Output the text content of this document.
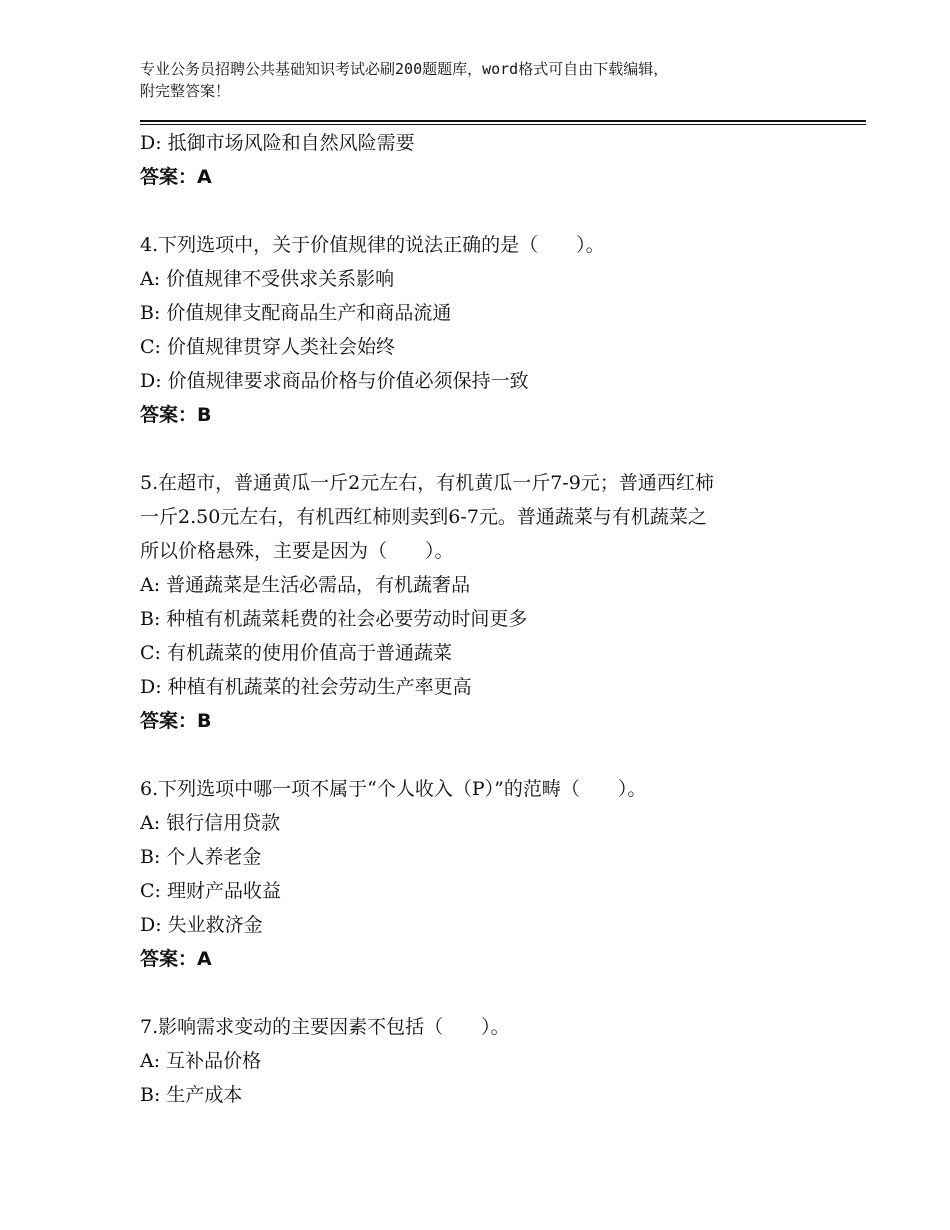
专业公务员招聘公共基础知识考试必刷200题题库，word格式可自由下载编辑，
附完整答案！
D: 抵御市场风险和自然风险需要
答案：A
4.下列选项中，关于价值规律的说法正确的是（　　）。
A: 价值规律不受供求关系影响
B: 价值规律支配商品生产和商品流通
C: 价值规律贯穿人类社会始终
D: 价值规律要求商品价格与价值必须保持一致
答案：B
5.在超市，普通黄瓜一斤2元左右，有机黄瓜一斤7-9元；普通西红柿
一斤2.50元左右，有机西红柿则卖到6-7元。普通蔬菜与有机蔬菜之
所以价格悬殊，主要是因为（　　）。
A: 普通蔬菜是生活必需品，有机蔬奢品
B: 种植有机蔬菜耗费的社会必要劳动时间更多
C: 有机蔬菜的使用价值高于普通蔬菜
D: 种植有机蔬菜的社会劳动生产率更高
答案：B
6.下列选项中哪一项不属于“个人收入（P）”的范畴（　　）。
A: 银行信用贷款
B: 个人养老金
C: 理财产品收益
D: 失业救济金
答案：A
7.影响需求变动的主要因素不包括（　　）。
A: 互补品价格
B: 生产成本
